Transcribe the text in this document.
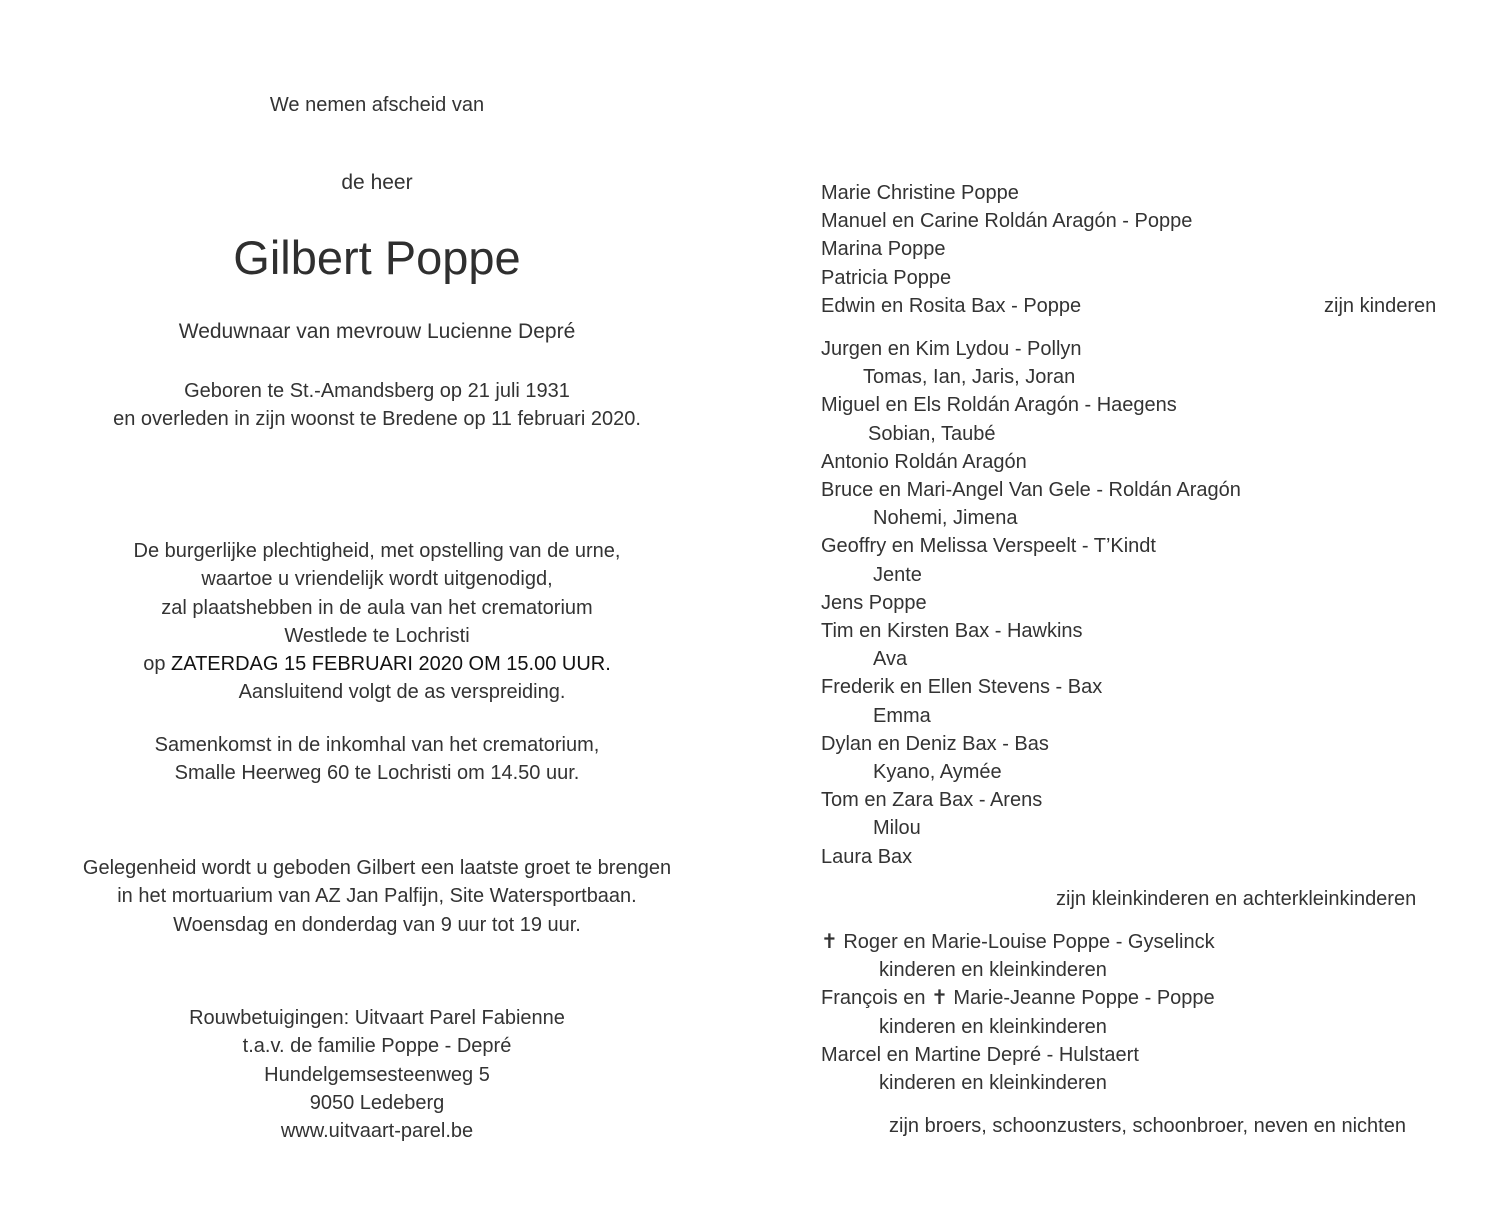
We nemen afscheid van
de heer
Gilbert Poppe
Weduwnaar van mevrouw Lucienne Depré
Geboren te St.-Amandsberg op 21 juli 1931
en overleden in zijn woonst te Bredene op 11 februari 2020.
De burgerlijke plechtigheid, met opstelling van de urne,
waartoe u vriendelijk wordt uitgenodigd,
zal plaatshebben in de aula van het crematorium
Westlede te Lochristi
op ZATERDAG 15 FEBRUARI 2020 OM 15.00 UUR.
Aansluitend volgt de as verspreiding.
Samenkomst in de inkomhal van het crematorium,
Smalle Heerweg 60 te Lochristi om 14.50 uur.
Gelegenheid wordt u geboden Gilbert een laatste groet te brengen
in het mortuarium van AZ Jan Palfijn, Site Watersportbaan.
Woensdag en donderdag van 9 uur tot 19 uur.
Rouwbetuigingen: Uitvaart Parel Fabienne
t.a.v. de familie Poppe - Depré
Hundelgemsesteenweg 5
9050 Ledeberg
www.uitvaart-parel.be
Marie Christine Poppe
Manuel en Carine Roldán Aragón - Poppe
Marina Poppe
Patricia Poppe
Edwin en Rosita Bax - Poppe	zijn kinderen
Jurgen en Kim Lydou - Pollyn
Tomas, Ian, Jaris, Joran
Miguel en Els Roldán Aragón - Haegens
Sobian, Taubé
Antonio Roldán Aragón
Bruce en Mari-Angel Van Gele - Roldán Aragón
Nohemi, Jimena
Geoffry en Melissa Verspeelt - T’Kindt
Jente
Jens Poppe
Tim en Kirsten Bax - Hawkins
Ava
Frederik en Ellen Stevens - Bax
Emma
Dylan en Deniz Bax - Bas
Kyano, Aymée
Tom en Zara Bax - Arens
Milou
Laura Bax
zijn kleinkinderen en achterkleinkinderen
✝ Roger en Marie-Louise Poppe - Gyselinck
kinderen en kleinkinderen
François en ✝ Marie-Jeanne Poppe - Poppe
kinderen en kleinkinderen
Marcel en Martine Depré - Hulstaert
kinderen en kleinkinderen
zijn broers, schoonzusters, schoonbroer, neven en nichten
